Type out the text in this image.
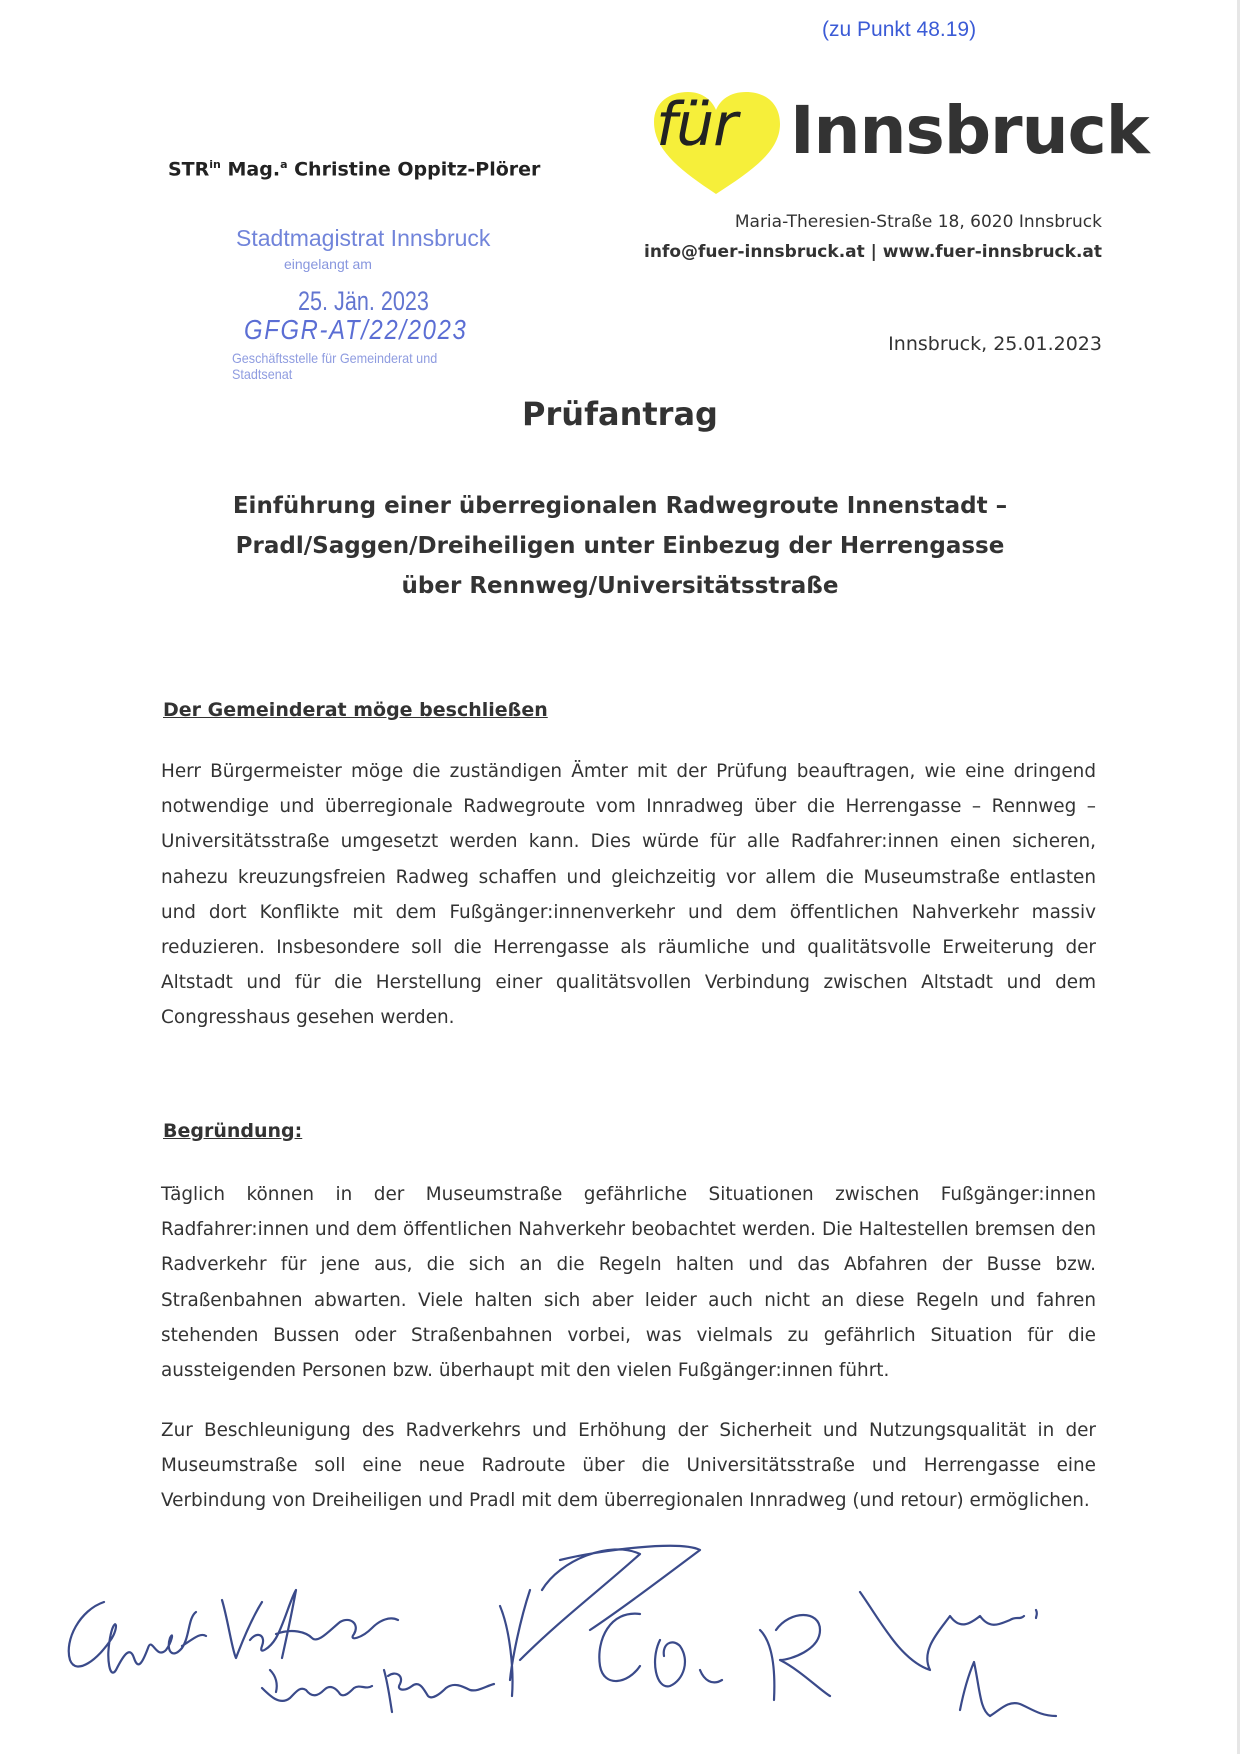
(zu Punkt 48.19)
für Innsbruck
Maria-Theresien-Straße 18, 6020 Innsbruck
info@fuer-innsbruck.at | www.fuer-innsbruck.at
$STR^{in}$ Mag.$^a$ Christine Oppitz-Plörer
Stadtmagistrat Innsbruck
eingelangt am
25. Jän. 2023
GFGR-AT/22/2023
Geschäftsstelle für Gemeinderat und Stadtsenat
Innsbruck, 25.01.2023
Prüfantrag
Einführung einer überregionalen Radwegroute Innenstadt –
Pradl/Saggen/Dreiheiligen unter Einbezug der Herrengasse
über Rennweg/Universitätsstraße
Der Gemeinderat möge beschließen
Herr Bürgermeister möge die zuständigen Ämter mit der Prüfung beauftragen, wie eine dringend notwendige und überregionale Radwegroute vom Innradweg über die Herrengasse – Rennweg – Universitätsstraße umgesetzt werden kann. Dies würde für alle Radfahrer:innen einen sicheren, nahezu kreuzungsfreien Radweg schaffen und gleichzeitig vor allem die Museumstraße entlasten und dort Konflikte mit dem Fußgänger:innenverkehr und dem öffentlichen Nahverkehr massiv reduzieren. Insbesondere soll die Herrengasse als räumliche und qualitätsvolle Erweiterung der Altstadt und für die Herstellung einer qualitätsvollen Verbindung zwischen Altstadt und dem Congresshaus gesehen werden.
Begründung:
Täglich können in der Museumstraße gefährliche Situationen zwischen Fußgänger:innen Radfahrer:innen und dem öffentlichen Nahverkehr beobachtet werden. Die Haltestellen bremsen den Radverkehr für jene aus, die sich an die Regeln halten und das Abfahren der Busse bzw. Straßenbahnen abwarten. Viele halten sich aber leider auch nicht an diese Regeln und fahren stehenden Bussen oder Straßenbahnen vorbei, was vielmals zu gefährlich Situation für die aussteigenden Personen bzw. überhaupt mit den vielen Fußgänger:innen führt.
Zur Beschleunigung des Radverkehrs und Erhöhung der Sicherheit und Nutzungsqualität in der Museumstraße soll eine neue Radroute über die Universitätsstraße und Herrengasse eine Verbindung von Dreiheiligen und Pradl mit dem überregionalen Innradweg (und retour) ermöglichen.
